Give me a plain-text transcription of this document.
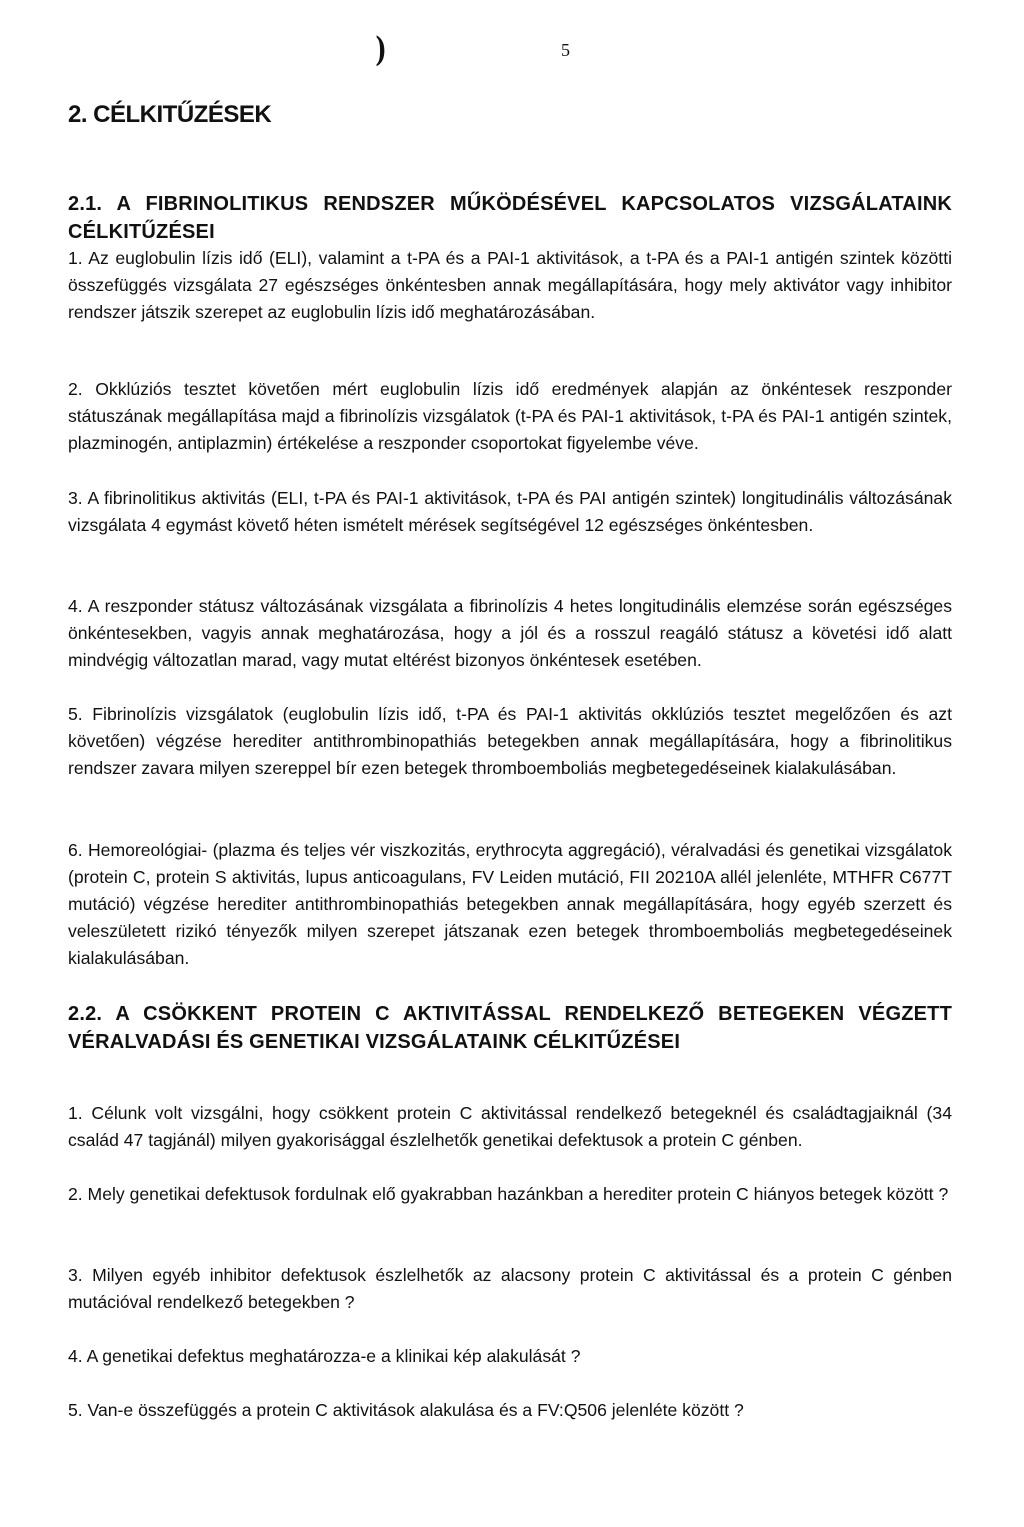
)	5
2. CÉLKITŰZÉSEK
2.1. A FIBRINOLITIKUS RENDSZER MŰKÖDÉSÉVEL KAPCSOLATOS VIZSGÁLATAINK CÉLKITŰZÉSEI

1. Az euglobulin lízis idő (ELI), valamint a t-PA és a PAI-1 aktivitások, a t-PA és a PAI-1 antigén szintek közötti összefüggés vizsgálata 27 egészséges önkéntesben annak megállapítására, hogy mely aktivátor vagy inhibitor rendszer játszik szerepet az euglobulin lízis idő meghatározásában.

2. Okklúziós tesztet követően mért euglobulin lízis idő eredmények alapján az önkéntesek reszponder státuszának megállapítása majd a fibrinolízis vizsgálatok (t-PA és PAI-1 aktivitások, t-PA és PAI-1 antigén szintek, plazminogén, antiplazmin) értékelése a reszponder csoportokat figyelembe véve.

3. A fibrinolitikus aktivitás (ELI, t-PA és PAI-1 aktivitások, t-PA és PAI antigén szintek) longitudinális változásának vizsgálata 4 egymást követő héten ismételt mérések segítségével 12 egészséges önkéntesben.

4. A reszponder státusz változásának vizsgálata a fibrinolízis 4 hetes longitudinális elemzése során egészséges önkéntesekben, vagyis annak meghatározása, hogy a jól és a rosszul reagáló státusz a követési idő alatt mindvégig változatlan marad, vagy mutat eltérést bizonyos önkéntesek esetében.

5. Fibrinolízis vizsgálatok (euglobulin lízis idő, t-PA és PAI-1 aktivitás okklúziós tesztet megelőzően és azt követően) végzése herediter antithrombinopathiás betegekben annak megállapítására, hogy a fibrinolitikus rendszer zavara milyen szereppel bír ezen betegek thromboemboliás megbetegedéseinek kialakulásában.

6. Hemoreológiai- (plazma és teljes vér viszkozitás, erythrocyta aggregáció), véralvadási és genetikai vizsgálatok (protein C, protein S aktivitás, lupus anticoagulans, FV Leiden mutáció, FII 20210A allél jelenléte, MTHFR C677T mutáció) végzése herediter antithrombinopathiás betegekben annak megállapítására, hogy egyéb szerzett és veleszületett rizikó tényezők milyen szerepet játszanak ezen betegek thromboemboliás megbetegedéseinek kialakulásában.

2.2. A CSÖKKENT PROTEIN C AKTIVITÁSSAL RENDELKEZŐ BETEGEKEN VÉGZETT VÉRALVADÁSI ÉS GENETIKAI VIZSGÁLATAINK CÉLKITŰZÉSEI

1. Célunk volt vizsgálni, hogy csökkent protein C aktivitással rendelkező betegeknél és családtagjaiknál (34 család 47 tagjánál) milyen gyakorisággal észlelhetők genetikai defektusok a protein C génben.

2. Mely genetikai defektusok fordulnak elő gyakrabban hazánkban a herediter protein C hiányos betegek között ?

3. Milyen egyéb inhibitor defektusok észlelhetők az alacsony protein C aktivitással és a protein C génben mutációval rendelkező betegekben ?

4. A genetikai defektus meghatározza-e a klinikai kép alakulását ?

5. Van-e összefüggés a protein C aktivitások alakulása és a FV:Q506 jelenléte között ?
